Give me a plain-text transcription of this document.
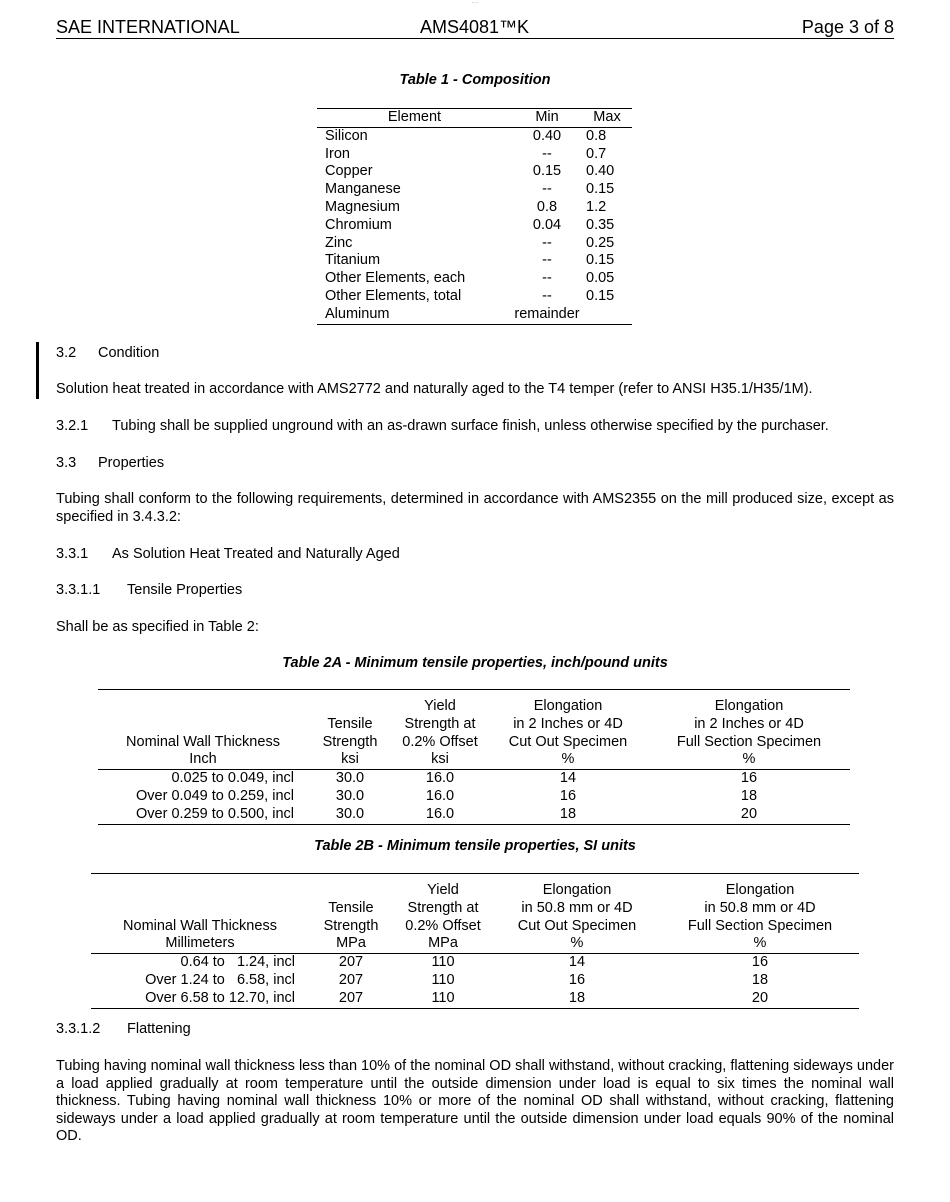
...
SAE INTERNATIONAL	AMS4081™K	Page 3 of 8
Table 1 - Composition
Element	Min	Max
Silicon	0.40	0.8
Iron	--	0.7
Copper	0.15	0.40
Manganese	--	0.15
Magnesium	0.8	1.2
Chromium	0.04	0.35
Zinc	--	0.25
Titanium	--	0.15
Other Elements, each	--	0.05
Other Elements, total	--	0.15
Aluminum	remainder	
3.2 Condition
Solution heat treated in accordance with AMS2772 and naturally aged to the T4 temper (refer to ANSI H35.1/H35/1M).
3.2.1 Tubing shall be supplied unground with an as-drawn surface finish, unless otherwise specified by the purchaser.
3.3 Properties
Tubing shall conform to the following requirements, determined in accordance with AMS2355 on the mill produced size, except as specified in 3.4.3.2:
3.3.1 As Solution Heat Treated and Naturally Aged
3.3.1.1 Tensile Properties
Shall be as specified in Table 2:
Table 2A - Minimum tensile properties, inch/pound units

		Yield	Elongation	Elongation
	Tensile	Strength at	in 2 Inches or 4D	in 2 Inches or 4D
Nominal Wall Thickness	Strength	0.2% Offset	Cut Out Specimen	Full Section Specimen
Inch	ksi	ksi	%	%
0.025 to 0.049, incl	30.0	16.0	14	16
Over 0.049 to 0.259, incl	30.0	16.0	16	18
Over 0.259 to 0.500, incl	30.0	16.0	18	20
Table 2B - Minimum tensile properties, SI units

		Yield	Elongation	Elongation
	Tensile	Strength at	in 50.8 mm or 4D	in 50.8 mm or 4D
Nominal Wall Thickness	Strength	0.2% Offset	Cut Out Specimen	Full Section Specimen
Millimeters	MPa	MPa	%	%
0.64 to   1.24, incl	207	110	14	16
Over 1.24 to   6.58, incl	207	110	16	18
Over 6.58 to 12.70, incl	207	110	18	20
3.3.1.2 Flattening
Tubing having nominal wall thickness less than 10% of the nominal OD shall withstand, without cracking, flattening sideways under a load applied gradually at room temperature until the outside dimension under load is equal to six times the nominal wall thickness. Tubing having nominal wall thickness 10% or more of the nominal OD shall withstand, without cracking, flattening sideways under a load applied gradually at room temperature until the outside dimension under load equals 90% of the nominal OD.
